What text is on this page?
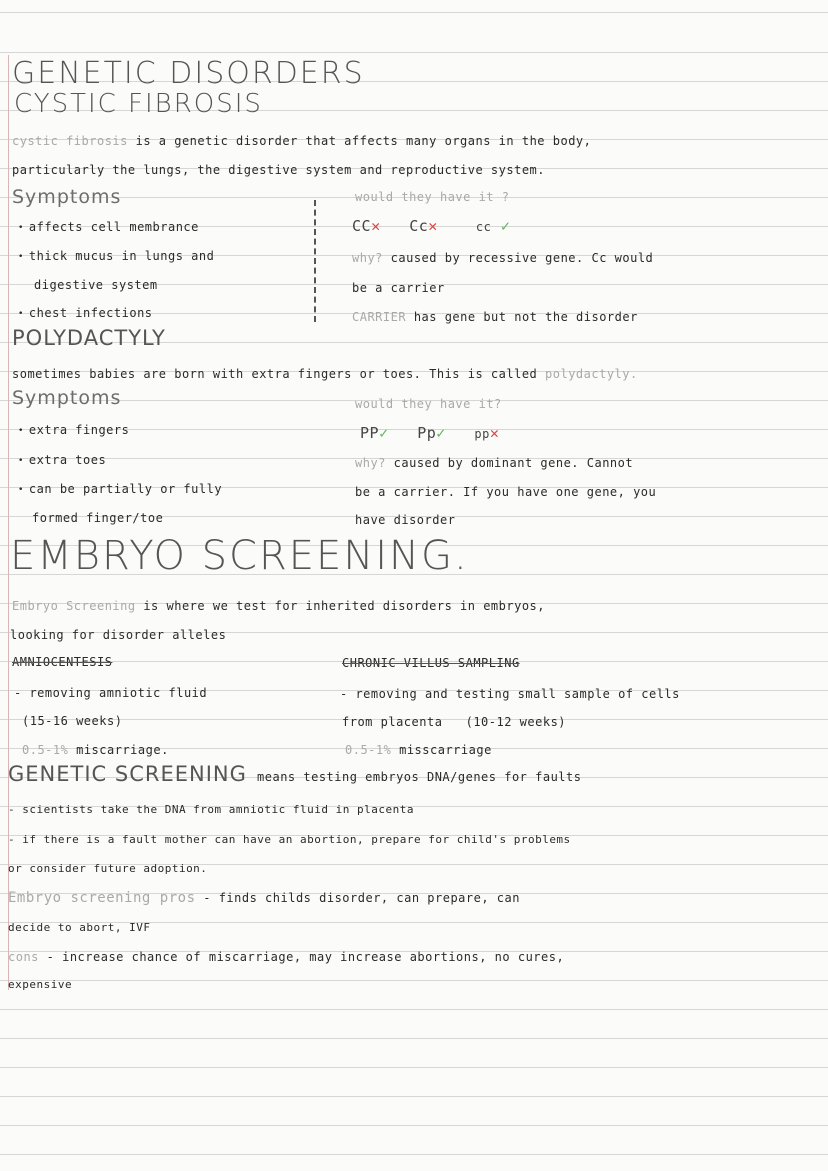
GENETIC DISORDERS
CYSTIC FIBROSIS
cystic fibrosis is a genetic disorder that affects many organs in the body,
particularly the lungs, the digestive system and reproductive system.
Symptoms
• affects cell membrance
• thick mucus in lungs and
digestive system
• chest infections
would they have it ?
CC✕ Cc✕	cc ✓
why? caused by recessive gene. Cc would
be a carrier
CARRIER has gene but not the disorder
POLYDACTYLY
sometimes babies are born with extra fingers or toes. This is called polydactyly.
Symptoms
• extra fingers
• extra toes
• can be partially or fully
formed finger/toe
would they have it?
PP✓ Pp✓ pp✕
why? caused by dominant gene. Cannot
be a carrier. If you have one gene, you
have disorder
EMBRYO SCREENING.
Embryo Screening is where we test for inherited disorders in embryos,
looking for disorder alleles
AMNIOCENTESIS
- removing amniotic fluid
(15-16 weeks)
0.5-1% miscarriage.
CHRONIC VILLUS SAMPLING
- removing and testing small sample of cells
from placenta (10-12 weeks)
0.5-1% misscarriage
GENETIC SCREENING means testing embryos DNA/genes for faults
- scientists take the DNA from amniotic fluid in placenta
- if there is a fault mother can have an abortion, prepare for child's problems
or consider future adoption.
Embryo screening pros - finds childs disorder, can prepare, can
decide to abort, IVF
cons - increase chance of miscarriage, may increase abortions, no cures,
expensive
